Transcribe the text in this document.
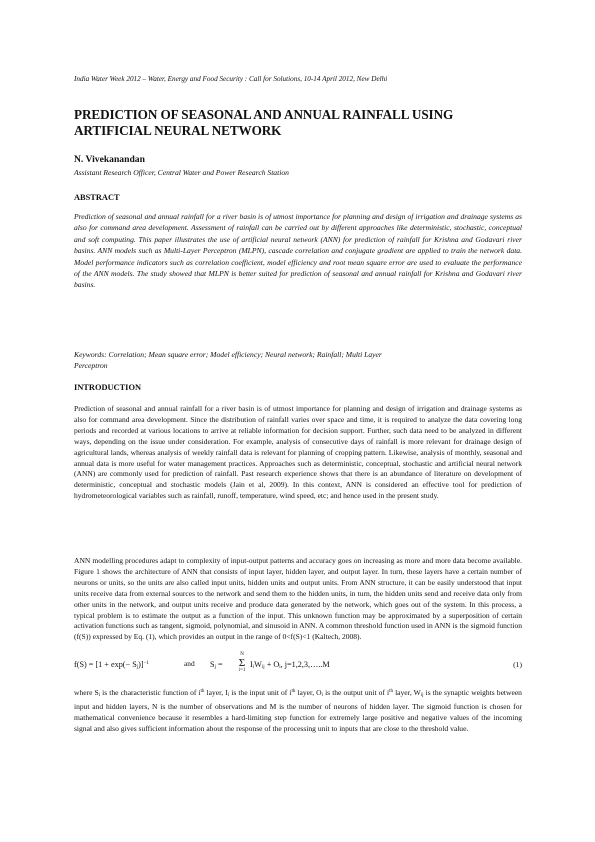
India Water Week 2012 – Water, Energy and Food Security : Call for Solutions, 10-14 April 2012, New Delhi
PREDICTION OF SEASONAL AND ANNUAL RAINFALL USING ARTIFICIAL NEURAL NETWORK
N. Vivekanandan
Assistant Research Officer, Central Water and Power Research Station
ABSTRACT

Prediction of seasonal and annual rainfall for a river basin is of utmost importance for planning and design of irrigation and drainage systems as also for command area development. Assessment of rainfall can be carried out by different approaches like deterministic, stochastic, conceptual and soft computing. This paper illustrates the use of artificial neural network (ANN) for prediction of rainfall for Krishna and Godavari river basins. ANN models such as Multi-Layer Perceptron (MLPN), cascade correlation and conjugate gradient are applied to train the network data. Model performance indicators such as correlation coefficient, model efficiency and root mean square error are used to evaluate the performance of the ANN models. The study showed that MLPN is better suited for prediction of seasonal and annual rainfall for Krishna and Godavari river basins.

Keywords: Correlation; Mean square error; Model efficiency; Neural network; Rainfall; Multi Layer Perceptron

INTRODUCTION

Prediction of seasonal and annual rainfall for a river basin is of utmost importance for planning and design of irrigation and drainage systems as also for command area development. Since the distribution of rainfall varies over space and time, it is required to analyze the data covering long periods and recorded at various locations to arrive at reliable information for decision support. Further, such data need to be analyzed in different ways, depending on the issue under consideration. For example, analysis of consecutive days of rainfall is more relevant for drainage design of agricultural lands, whereas analysis of weekly rainfall data is relevant for planning of cropping pattern. Likewise, analysis of monthly, seasonal and annual data is more useful for water management practices. Approaches such as deterministic, conceptual, stochastic and artificial neural network (ANN) are commonly used for prediction of rainfall. Past research experience shows that there is an abundance of literature on development of deterministic, conceptual and stochastic models (Jain et al, 2009). In this context, ANN is considered an effective tool for prediction of hydrometeorological variables such as rainfall, runoff, temperature, wind speed, etc; and hence used in the present study.

ANN modelling procedures adapt to complexity of input-output patterns and accuracy goes on increasing as more and more data become available. Figure 1 shows the architecture of ANN that consists of input layer, hidden layer, and output layer. In turn, these layers have a certain number of neurons or units, so the units are also called input units, hidden units and output units. From ANN structure, it can be easily understood that input units receive data from external sources to the network and send them to the hidden units, in turn, the hidden units send and receive data only from other units in the network, and output units receive and produce data generated by the network, which goes out of the system. In this process, a typical problem is to estimate the output as a function of the input. This unknown function may be approximated by a superposition of certain activation functions such as tangent, sigmoid, polynomial, and sinusoid in ANN. A common threshold function used in ANN is the sigmoid function (f(S)) expressed by Eq. (1), which provides an output in the range of 0<f(S)<1 (Kaltech, 2008).

$f(S) = [1 + \exp(- S_j)]^{-1}$	and $S_j$ =
N
Σ
i=1
$I_iW_{ij} + O_i$, j=1,2,3,…..M	(1)

where $S_i$ is the characteristic function of $i^{th}$ layer, $I_i$ is the input unit of $i^{th}$ layer, $O_i$ is the output unit of $i^{th}$ layer, $W_{ij}$ is the synaptic weights between input and hidden layers, N is the number of observations and M is the number of neurons of hidden layer. The sigmoid function is chosen for mathematical convenience because it resembles a hard-limiting step function for extremely large positive and negative values of the incoming signal and also gives sufficient information about the response of the processing unit to inputs that are close to the threshold value.
